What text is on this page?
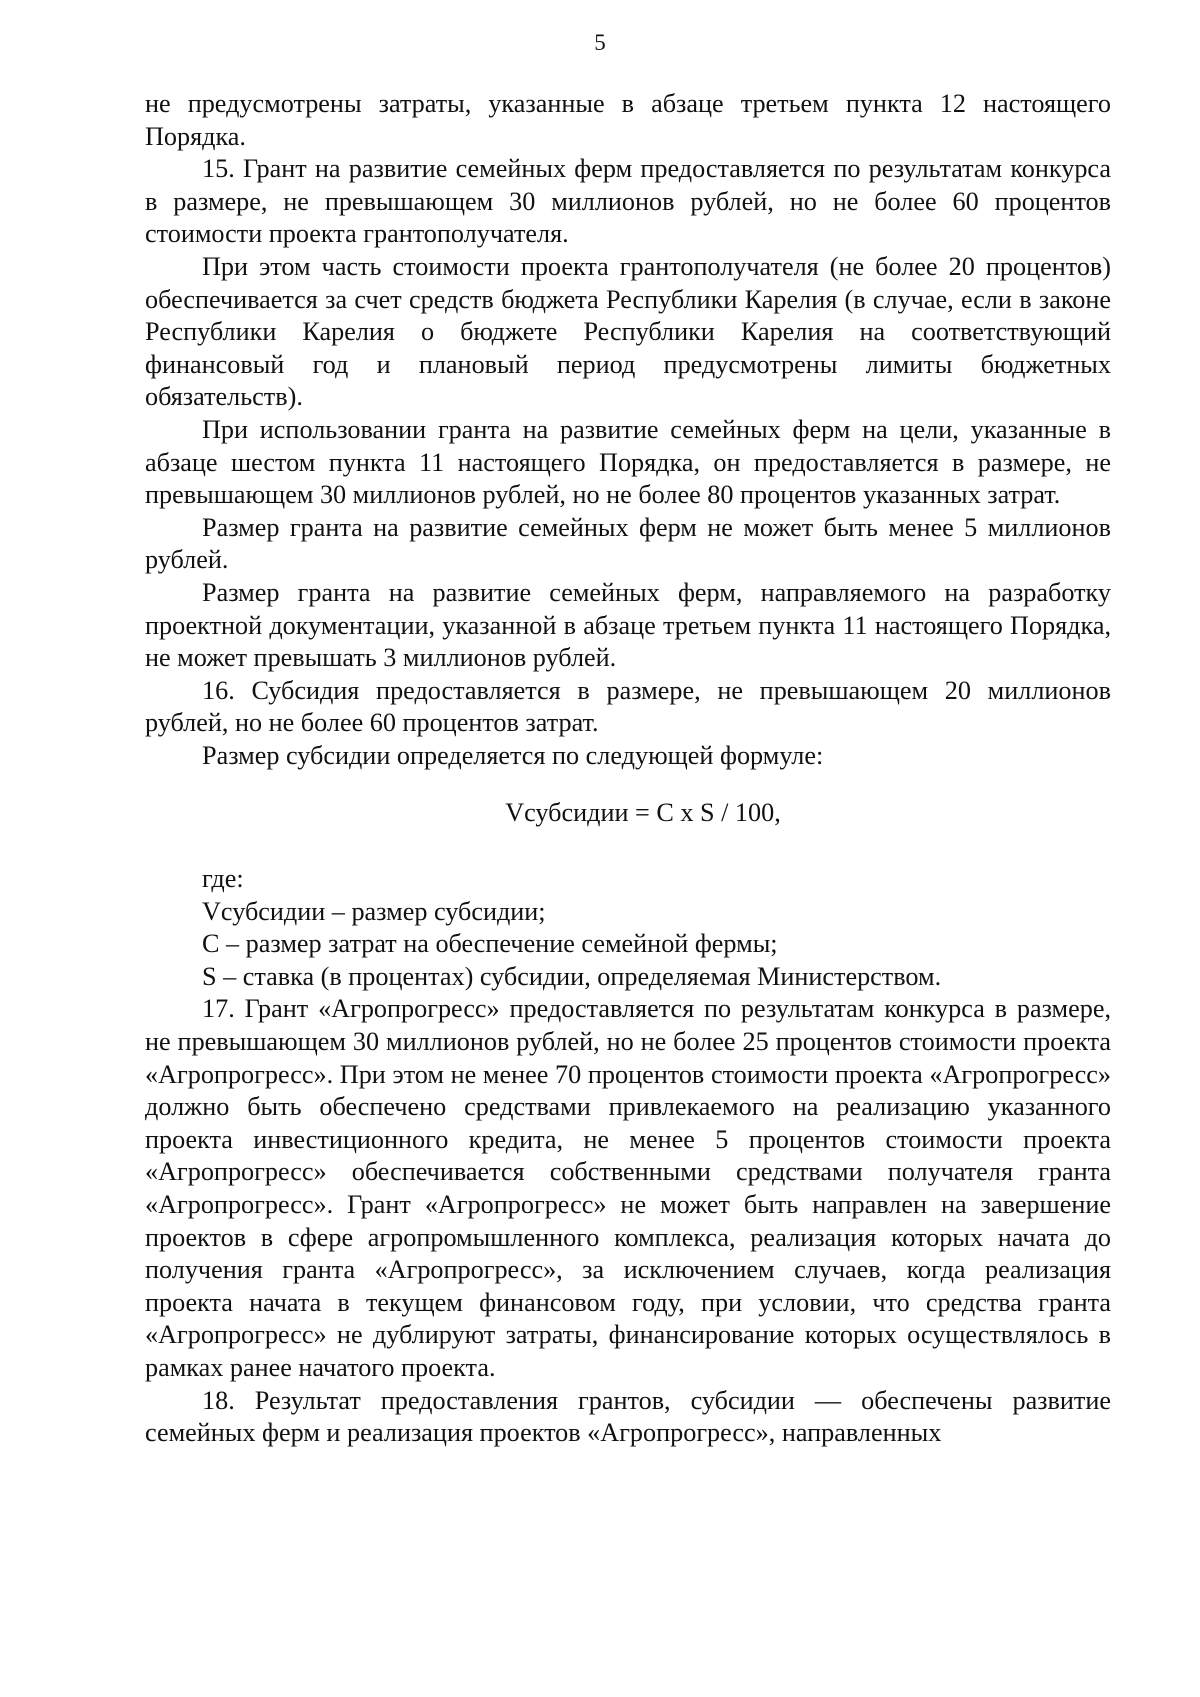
5

не предусмотрены затраты, указанные в абзаце третьем пункта 12 настоящего Порядка.

15. Грант на развитие семейных ферм предоставляется по результатам конкурса в размере, не превышающем 30 миллионов рублей, но не более 60 процентов стоимости проекта грантополучателя.

При этом часть стоимости проекта грантополучателя (не более 20 процентов) обеспечивается за счет средств бюджета Республики Карелия (в случае, если в законе Республики Карелия о бюджете Республики Карелия на соответствующий финансовый год и плановый период предусмотрены лимиты бюджетных обязательств).

При использовании гранта на развитие семейных ферм на цели, указанные в абзаце шестом пункта 11 настоящего Порядка, он предоставляется в размере, не превышающем 30 миллионов рублей, но не более 80 процентов указанных затрат.

Размер гранта на развитие семейных ферм не может быть менее 5 миллионов рублей.

Размер гранта на развитие семейных ферм, направляемого на разработку проектной документации, указанной в абзаце третьем пункта 11 настоящего Порядка, не может превышать 3 миллионов рублей.

16. Субсидия предоставляется в размере, не превышающем 20 миллионов рублей, но не более 60 процентов затрат.

Размер субсидии определяется по следующей формуле:

Vсубсидии = C x S / 100,

где:

Vсубсидии – размер субсидии;

С – размер затрат на обеспечение семейной фермы;

S – ставка (в процентах) субсидии, определяемая Министерством.

17. Грант «Агропрогресс» предоставляется по результатам конкурса в размере, не превышающем 30 миллионов рублей, но не более 25 процентов стоимости проекта «Агропрогресс». При этом не менее 70 процентов стоимости проекта «Агропрогресс» должно быть обеспечено средствами привлекаемого на реализацию указанного проекта инвестиционного кредита, не менее 5 процентов стоимости проекта «Агропрогресс» обеспечивается собственными средствами получателя гранта «Агропрогресс». Грант «Агропрогресс» не может быть направлен на завершение проектов в сфере агропромышленного комплекса, реализация которых начата до получения гранта «Агропрогресс», за исключением случаев, когда реализация проекта начата в текущем финансовом году, при условии, что средства гранта «Агропрогресс» не дублируют затраты, финансирование которых осуществлялось в рамках ранее начатого проекта.

18. Результат предоставления грантов, субсидии — обеспечены развитие семейных ферм и реализация проектов «Агропрогресс», направленных
